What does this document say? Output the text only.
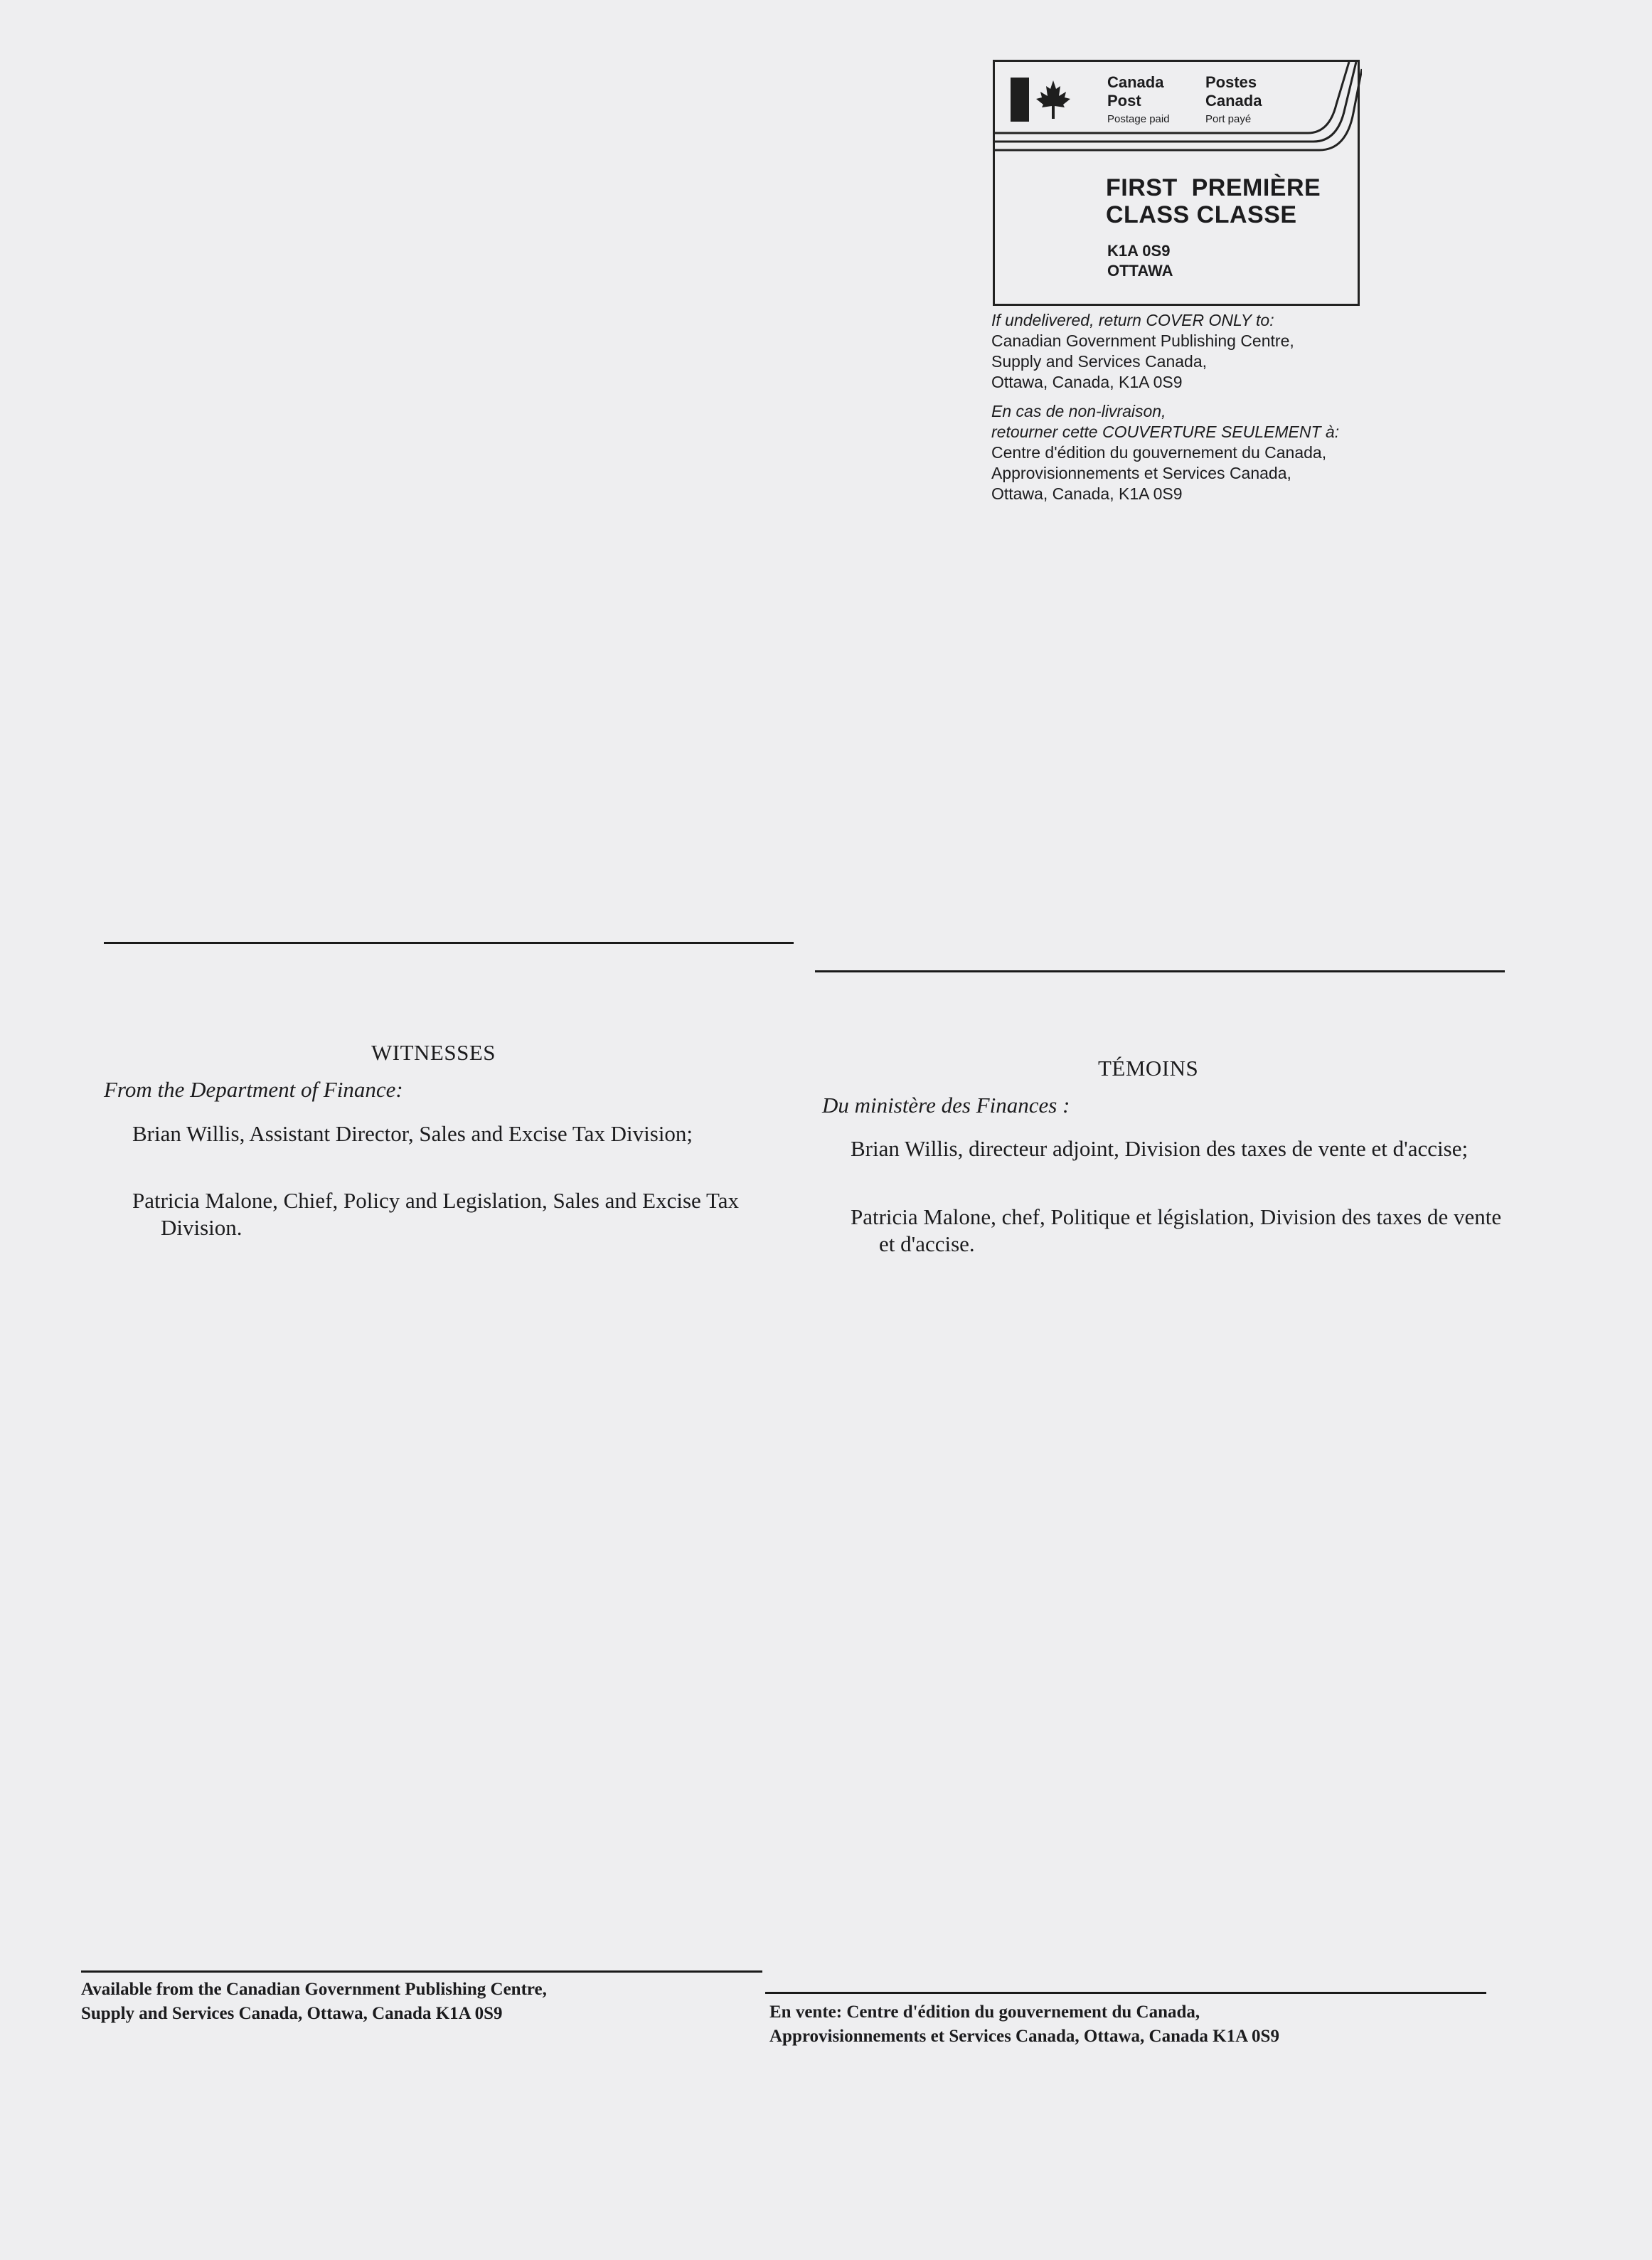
Canada
Post
Postage paid
Postes
Canada
Port payé
FIRST  PREMIÈRE
CLASS CLASSE
K1A 0S9
OTTAWA
If undelivered, return COVER ONLY to:
Canadian Government Publishing Centre,
Supply and Services Canada,
Ottawa, Canada, K1A 0S9
En cas de non-livraison,
retourner cette COUVERTURE SEULEMENT à:
Centre d'édition du gouvernement du Canada,
Approvisionnements et Services Canada,
Ottawa, Canada, K1A 0S9
WITNESSES
From the Department of Finance:
Brian Willis, Assistant Director, Sales and Excise Tax Division;
Patricia Malone, Chief, Policy and Legislation, Sales and Excise Tax Division.
TÉMOINS
Du ministère des Finances :
Brian Willis, directeur adjoint, Division des taxes de vente et d'accise;
Patricia Malone, chef, Politique et législation, Division des taxes de vente et d'accise.
Available from the Canadian Government Publishing Centre,
Supply and Services Canada, Ottawa, Canada K1A 0S9	En vente: Centre d'édition du gouvernement du Canada,
Approvisionnements et Services Canada, Ottawa, Canada K1A 0S9
